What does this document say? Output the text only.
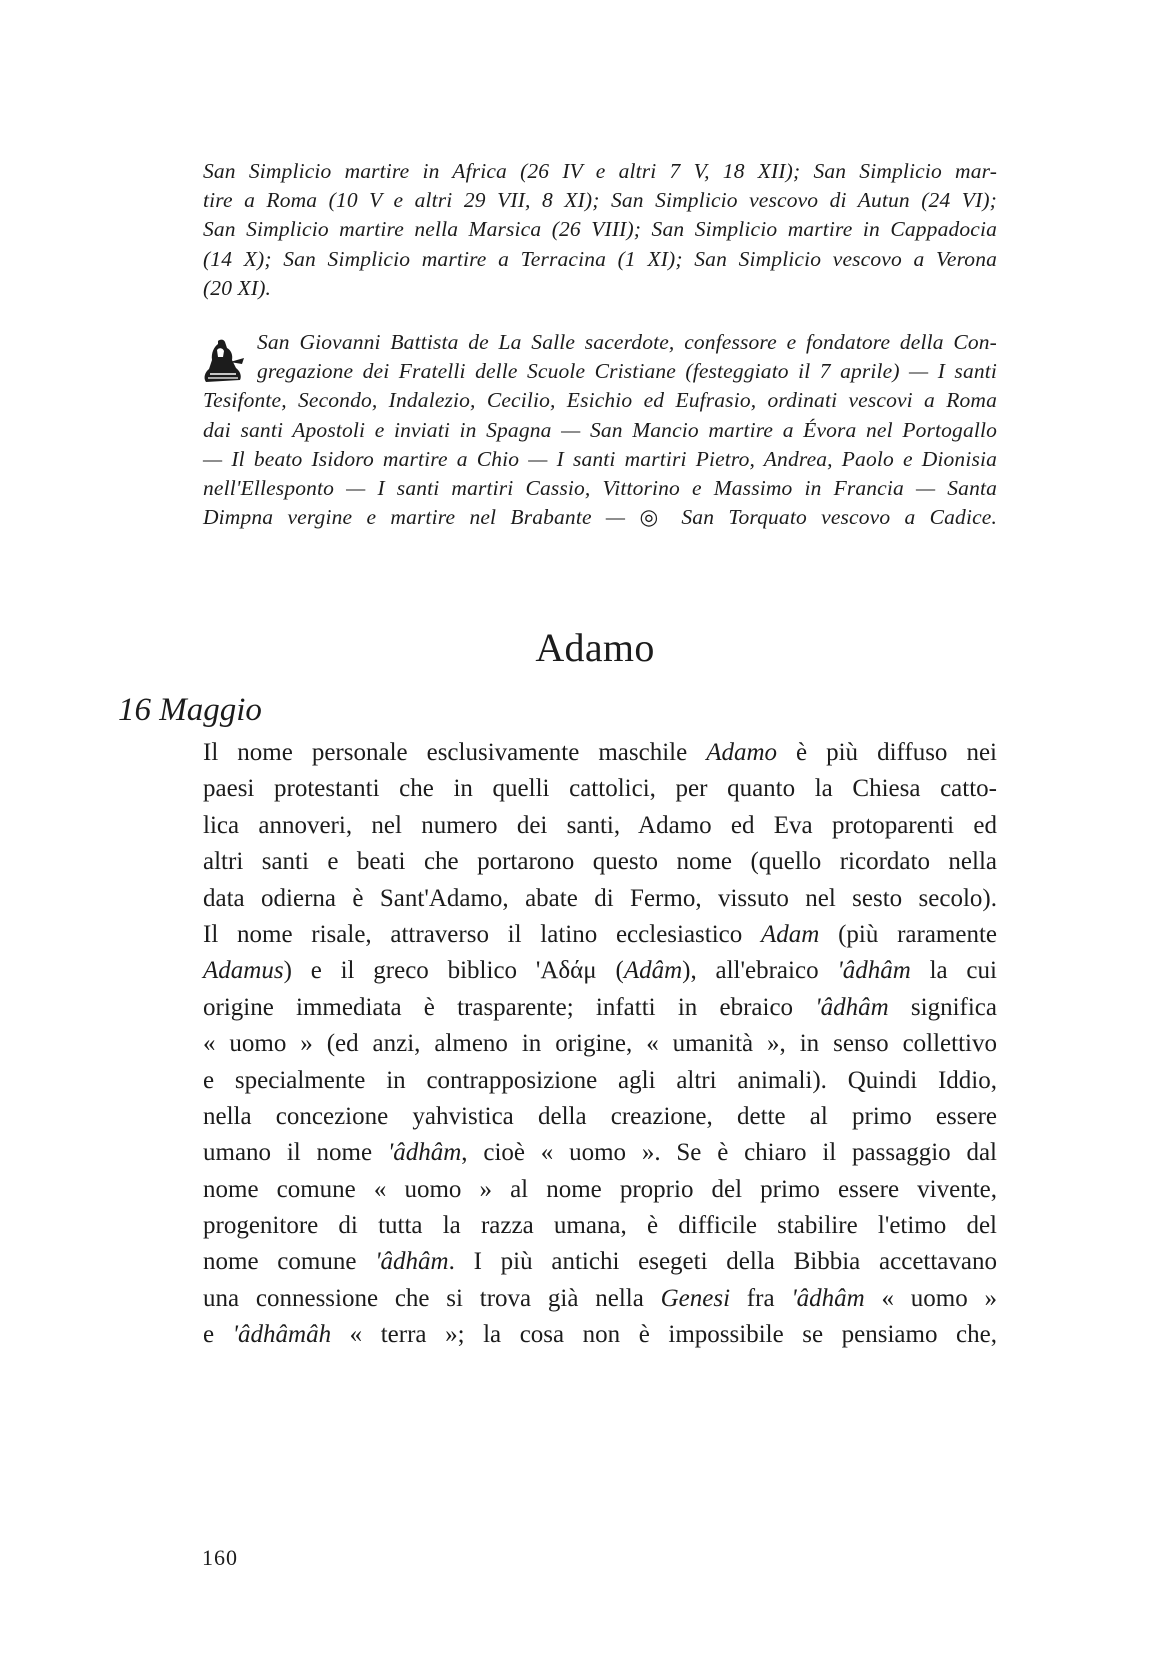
San Simplicio martire in Africa (26 IV e altri 7 V, 18 XII); San Simplicio mar-
tire a Roma (10 V e altri 29 VII, 8 XI); San Simplicio vescovo di Autun (24 VI);
San Simplicio martire nella Marsica (26 VIII); San Simplicio martire in Cappadocia
(14 X); San Simplicio martire a Terracina (1 XI); San Simplicio vescovo a Verona
(20 XI).
San Giovanni Battista de La Salle sacerdote, confessore e fondatore della Con-
gregazione dei Fratelli delle Scuole Cristiane (festeggiato il 7 aprile) — I santi
Tesifonte, Secondo, Indalezio, Cecilio, Esichio ed Eufrasio, ordinati vescovi a Roma
dai santi Apostoli e inviati in Spagna — San Mancio martire a Évora nel Portogallo
— Il beato Isidoro martire a Chio — I santi martiri Pietro, Andrea, Paolo e Dionisia
nell'Ellesponto — I santi martiri Cassio, Vittorino e Massimo in Francia — Santa
Dimpna vergine e martire nel Brabante — ◎ San Torquato vescovo a Cadice.
Adamo
16 Maggio
Il nome personale esclusivamente maschile Adamo è più diffuso nei
paesi protestanti che in quelli cattolici, per quanto la Chiesa catto-
lica annoveri, nel numero dei santi, Adamo ed Eva protoparenti ed
altri santi e beati che portarono questo nome (quello ricordato nella
data odierna è Sant'Adamo, abate di Fermo, vissuto nel sesto secolo).
Il nome risale, attraverso il latino ecclesiastico Adam (più raramente
Adamus) e il greco biblico 'Αδάμ (Adâm), all'ebraico 'âdhâm la cui
origine immediata è trasparente; infatti in ebraico 'âdhâm significa
« uomo » (ed anzi, almeno in origine, « umanità », in senso collettivo
e specialmente in contrapposizione agli altri animali). Quindi Iddio,
nella concezione yahvistica della creazione, dette al primo essere
umano il nome 'âdhâm, cioè « uomo ». Se è chiaro il passaggio dal
nome comune « uomo » al nome proprio del primo essere vivente,
progenitore di tutta la razza umana, è difficile stabilire l'etimo del
nome comune 'âdhâm. I più antichi esegeti della Bibbia accettavano
una connessione che si trova già nella Genesi fra 'âdhâm « uomo »
e 'âdhâmâh « terra »; la cosa non è impossibile se pensiamo che,
160
